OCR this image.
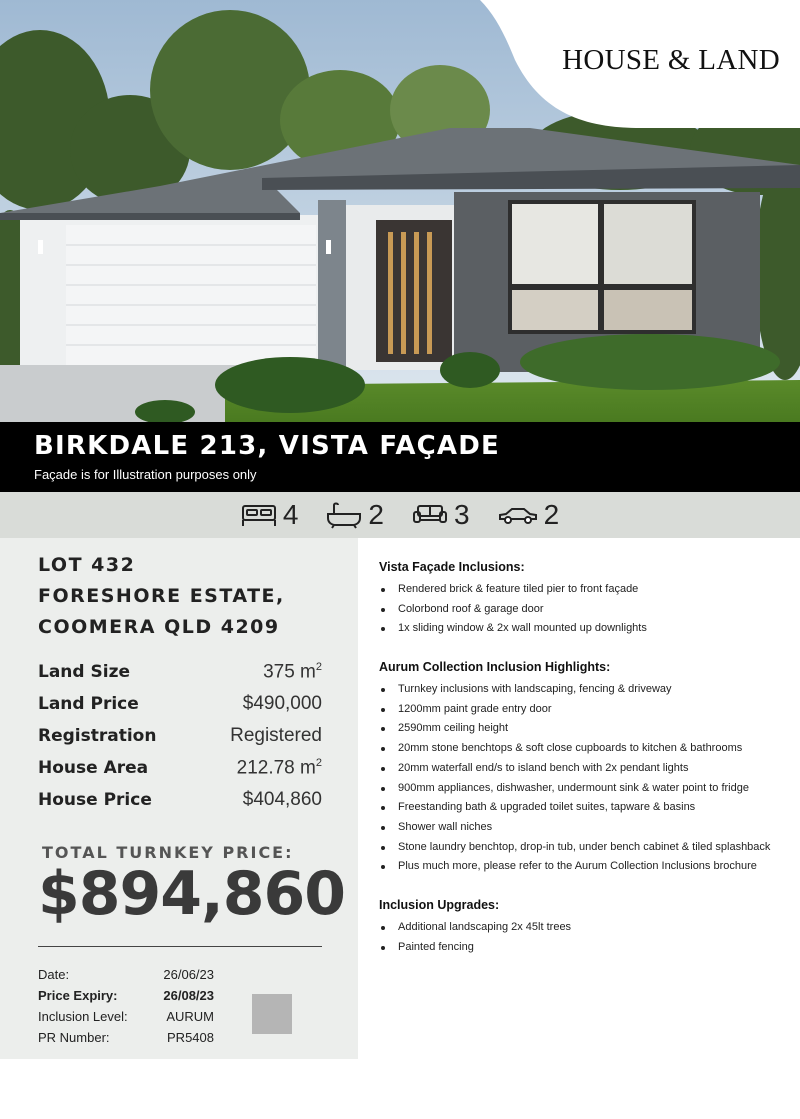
HOUSE & LAND
BIRKDALE 213, VISTA FAÇADE
Façade is for Illustration purposes only
4	2	3	2
LOT 432
FORESHORE ESTATE,
COOMERA QLD 4209
Land Size	375 $m^2$
Land Price	$490,000
Registration	Registered
House Area	212.78 $m^2$
House Price	$404,860
TOTAL TURNKEY PRICE:
$894,860
Date:	26/06/23
Price Expiry:	26/08/23
Inclusion Level:	AURUM
PR Number:	PR5408
Vista Façade Inclusions:
Rendered brick & feature tiled pier to front façade
Colorbond roof & garage door
1x sliding window & 2x wall mounted up downlights
Aurum Collection Inclusion Highlights:
Turnkey inclusions with landscaping, fencing & driveway
1200mm paint grade entry door
2590mm ceiling height
20mm stone benchtops & soft close cupboards to kitchen & bathrooms
20mm waterfall end/s to island bench with 2x pendant lights
900mm appliances, dishwasher, undermount sink & water point to fridge
Freestanding bath & upgraded toilet suites, tapware & basins
Shower wall niches
Stone laundry benchtop, drop-in tub, under bench cabinet & tiled splashback
Plus much more, please refer to the Aurum Collection Inclusions brochure
Inclusion Upgrades:
Additional landscaping 2x 45lt trees
Painted fencing
